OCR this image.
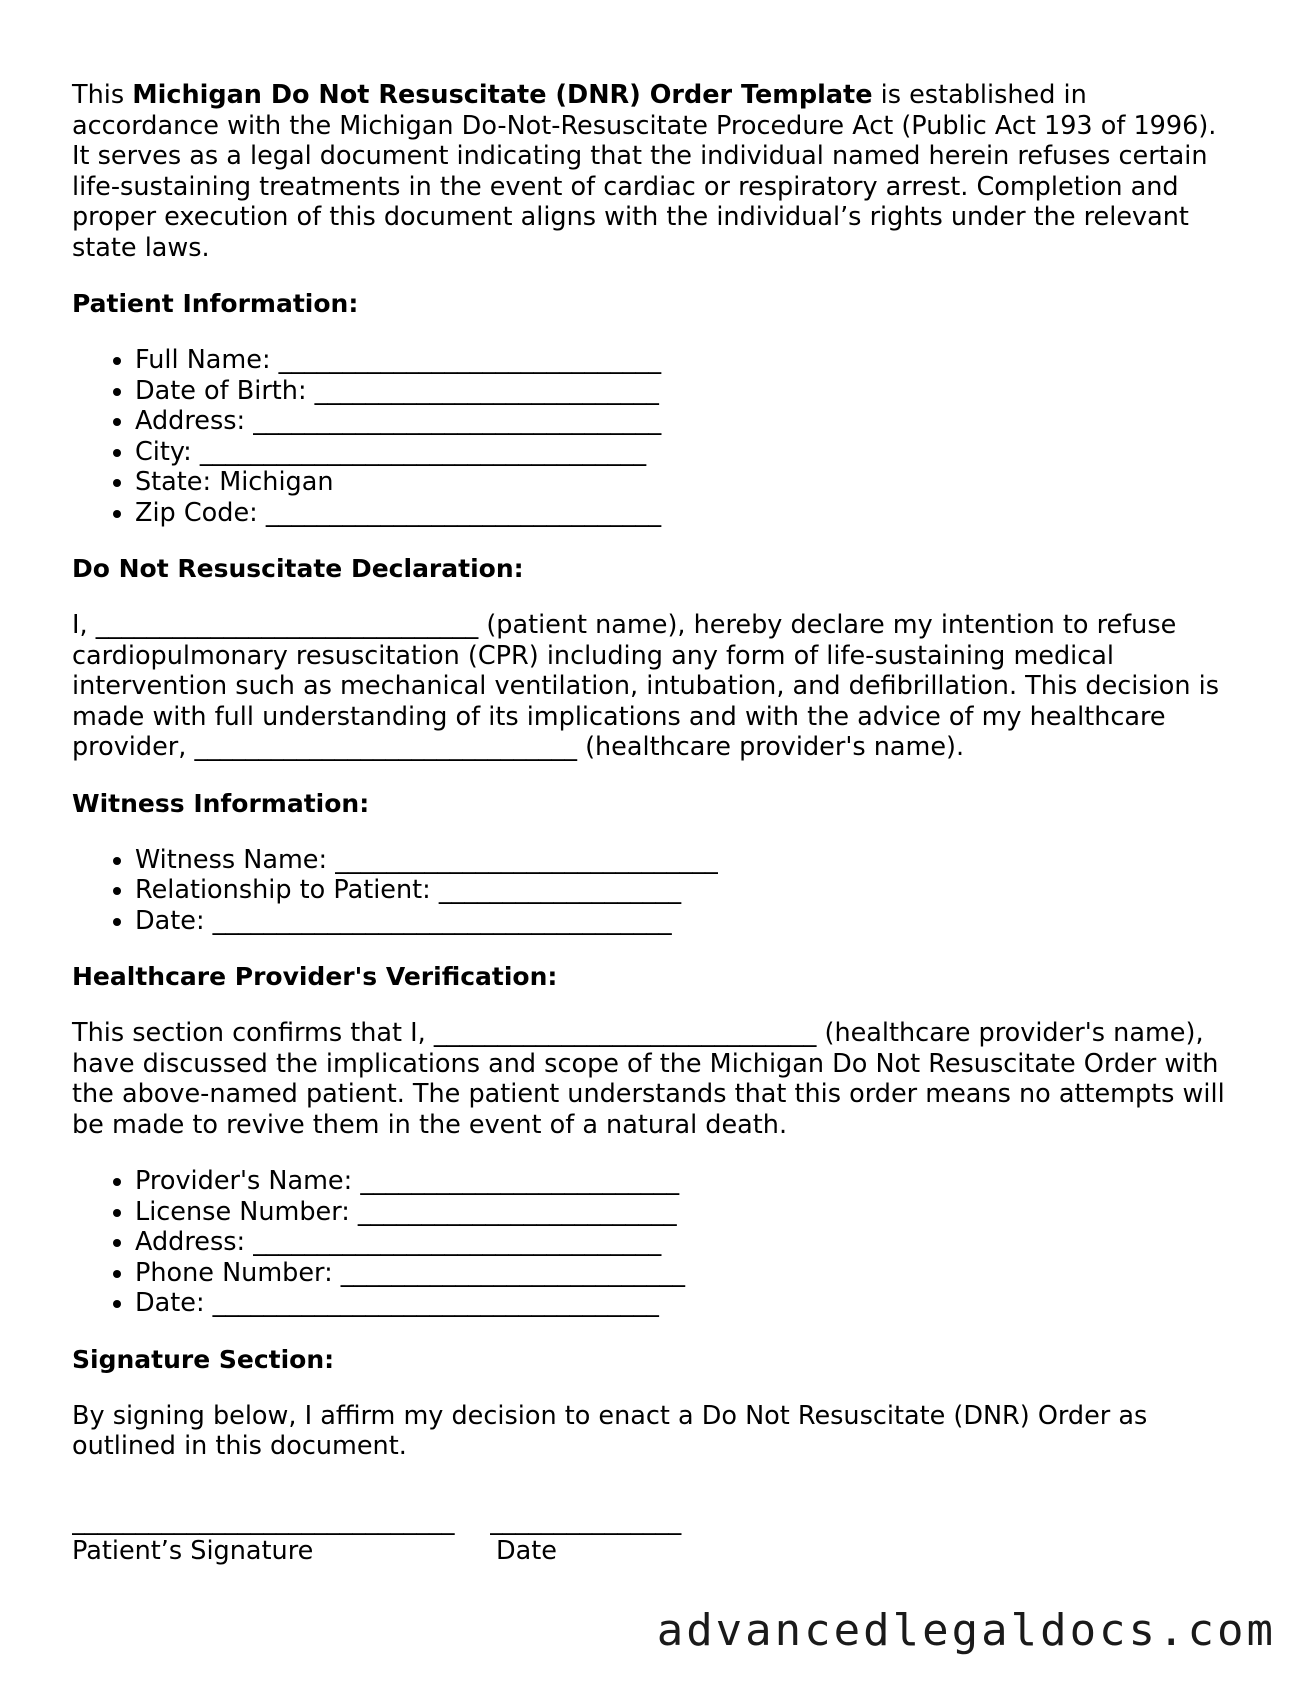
This Michigan Do Not Resuscitate (DNR) Order Template is established in accordance with the Michigan Do-Not-Resuscitate Procedure Act (Public Act 193 of 1996). It serves as a legal document indicating that the individual named herein refuses certain life-sustaining treatments in the event of cardiac or respiratory arrest. Completion and proper execution of this document aligns with the individual’s rights under the relevant state laws.

Patient Information:
• Full Name: ______________________________
• Date of Birth: ___________________________
• Address: ________________________________
• City: ___________________________________
• State: Michigan
• Zip Code: _______________________________
Do Not Resuscitate Declaration:

I, ______________________________ (patient name), hereby declare my intention to refuse cardiopulmonary resuscitation (CPR) including any form of life-sustaining medical intervention such as mechanical ventilation, intubation, and defibrillation. This decision is made with full understanding of its implications and with the advice of my healthcare provider, ______________________________ (healthcare provider's name).

Witness Information:
• Witness Name: ______________________________
• Relationship to Patient: ___________________
• Date: ____________________________________
Healthcare Provider's Verification:

This section confirms that I, ______________________________ (healthcare provider's name), have discussed the implications and scope of the Michigan Do Not Resuscitate Order with the above-named patient. The patient understands that this order means no attempts will be made to revive them in the event of a natural death.

• Provider's Name: _________________________
• License Number: _________________________
• Address: ________________________________
• Phone Number: ___________________________
• Date: ___________________________________
Signature Section:

By signing below, I affirm my decision to enact a Do Not Resuscitate (DNR) Order as outlined in this document.

______________________________
Patient’s Signature
_______________
Date
advancedlegaldocs.com
